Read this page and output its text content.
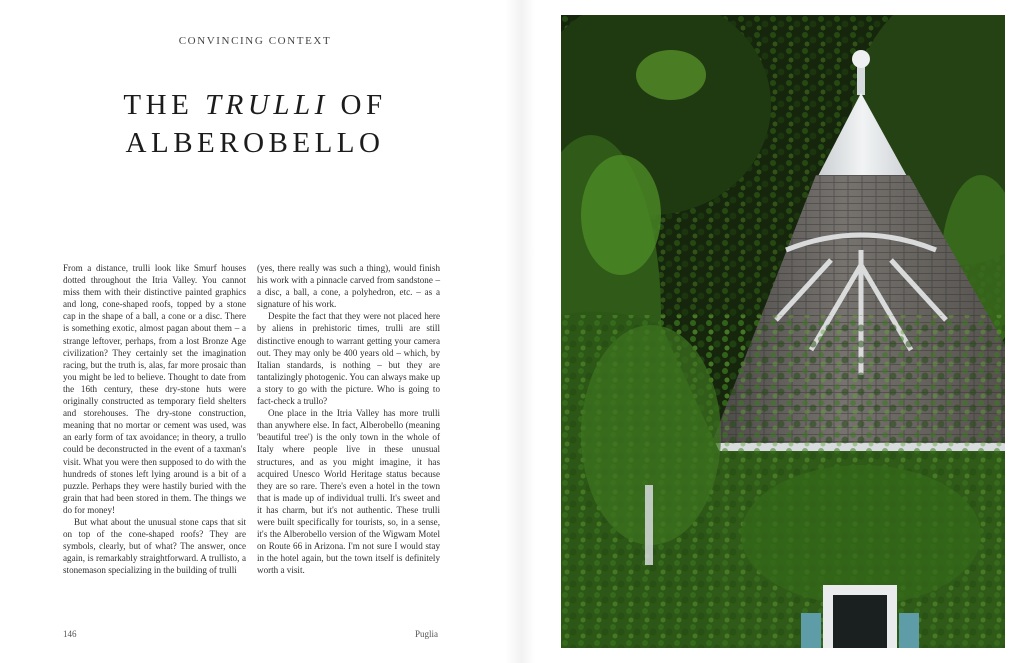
CONVINCING CONTEXT
THE TRULLI OF
ALBEROBELLO

From a distance, trulli look like Smurf houses dotted throughout the Itria Valley. You cannot miss them with their distinctive painted graphics and long, cone-shaped roofs, topped by a stone cap in the shape of a ball, a cone or a disc. There is something exotic, almost pagan about them – a strange leftover, perhaps, from a lost Bronze Age civilization? They certainly set the imagination racing, but the truth is, alas, far more prosaic than you might be led to believe. Thought to date from the 16th century, these dry-stone huts were originally constructed as temporary field shelters and storehouses. The dry-stone construction, meaning that no mortar or cement was used, was an early form of tax avoidance; in theory, a trullo could be deconstructed in the event of a taxman's visit. What you were then supposed to do with the hundreds of stones left lying around is a bit of a puzzle. Perhaps they were hastily buried with the grain that had been stored in them. The things we do for money!

But what about the unusual stone caps that sit on top of the cone-shaped roofs? They are symbols, clearly, but of what? The answer, once again, is remarkably straightforward. A trullisto, a stonemason specializing in the building of trulli

(yes, there really was such a thing), would finish his work with a pinnacle carved from sandstone – a disc, a ball, a cone, a polyhedron, etc. – as a signature of his work.

Despite the fact that they were not placed here by aliens in prehistoric times, trulli are still distinctive enough to warrant getting your camera out. They may only be 400 years old – which, by Italian standards, is nothing – but they are tantalizingly photogenic. You can always make up a story to go with the picture. Who is going to fact-check a trullo?

One place in the Itria Valley has more trulli than anywhere else. In fact, Alberobello (meaning 'beautiful tree') is the only town in the whole of Italy where people live in these unusual structures, and as you might imagine, it has acquired Unesco World Heritage status because they are so rare. There's even a hotel in the town that is made up of individual trulli. It's sweet and it has charm, but it's not authentic. These trulli were built specifically for tourists, so, in a sense, it's the Alberobello version of the Wigwam Motel on Route 66 in Arizona. I'm not sure I would stay in the hotel again, but the town itself is definitely worth a visit.

146	Puglia
